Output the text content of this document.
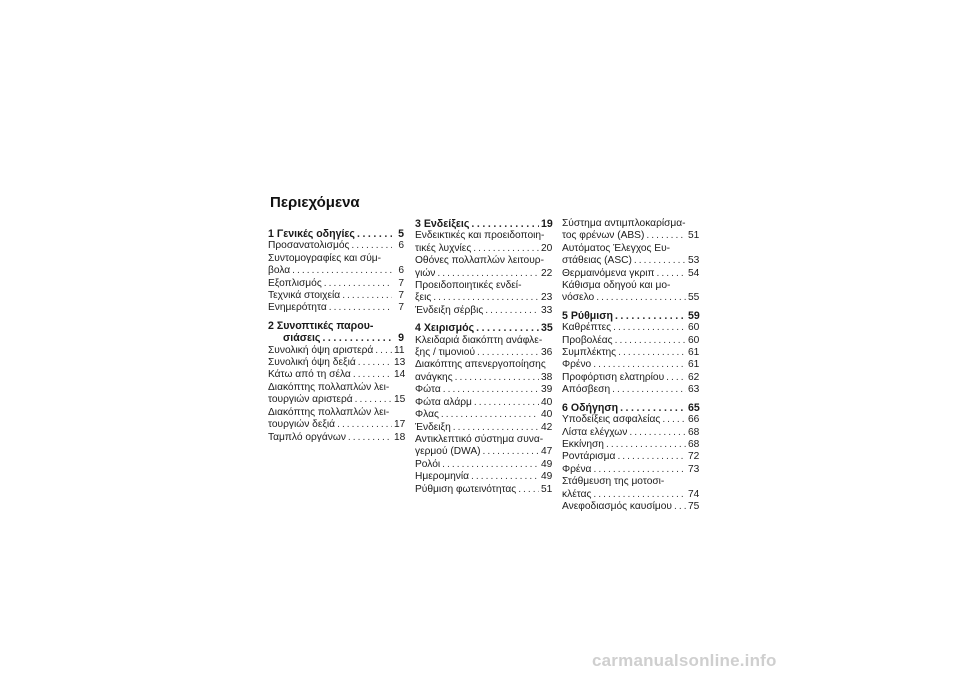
Περιεχόμενα
1 Γενικές οδηγίες . . .	5
Προσανατολισμός . . .	6
Συντομογραφίες και σύμ-
βολα . . .	6
Εξοπλισμός . . .	7
Τεχνικά στοιχεία . . .	7
Ενημερότητα . . .	7
2 Συνοπτικές παρου-
σιάσεις . . .	9
Συνολική όψη αριστερά . . . 11
Συνολική όψη δεξιά . . .	13
Κάτω από τη σέλα . . .	14
Διακόπτης πολλαπλών λει-
τουργιών αριστερά . . .	15
Διακόπτης πολλαπλών λει-
τουργιών δεξιά . . .	17
Ταμπλό οργάνων . . .	18
3 Ενδείξεις . . .	19
Ενδεικτικές και προειδοποιη-
τικές λυχνίες . . .	20
Οθόνες πολλαπλών λειτουρ-
γιών . . .	22
Προειδοποιητικές ενδεί-
ξεις . . .	23
Ένδειξη σέρβις . . .	33
4 Χειρισμός . . .	35
Κλειδαριά διακόπτη ανάφλε-
ξης / τιμονιού . . .	36
Διακόπτης απενεργοποίησης
ανάγκης . . .	38
Φώτα . . .	39
Φώτα αλάρμ . . .	40
Φλας . . .	40
Ένδειξη . . .	42
Αντικλεπτικό σύστημα συνα-
γερμού (DWA) . . .	47
Ρολόι . . .	49
Ημερομηνία . . .	49
Ρύθμιση φωτεινότητας . . . 51
Σύστημα αντιμπλοκαρίσμα-
τος φρένων (ABS) . . .	51
Αυτόματος Έλεγχος Ευ-
στάθειας (ASC) . . .	53
Θερμαινόμενα γκριπ . . .	54
Κάθισμα οδηγού και μο-
νόσελο . . .	55
5 Ρύθμιση . . .	59
Καθρέπτες . . .	60
Προβολέας . . .	60
Συμπλέκτης . . .	61
Φρένο . . .	61
Προφόρτιση ελατηρίου . . . 62
Απόσβεση . . .	63
6 Οδήγηση . . .	65
Υποδείξεις ασφαλείας . . .	66
Λίστα ελέγχων . . .	68
Εκκίνηση . . .	68
Ροντάρισμα . . .	72
Φρένα . . .	73
Στάθμευση της μοτοσι-
κλέτας . . .	74
Ανεφοδιασμός καυσίμου . . . 75
carmanualsonline.info
